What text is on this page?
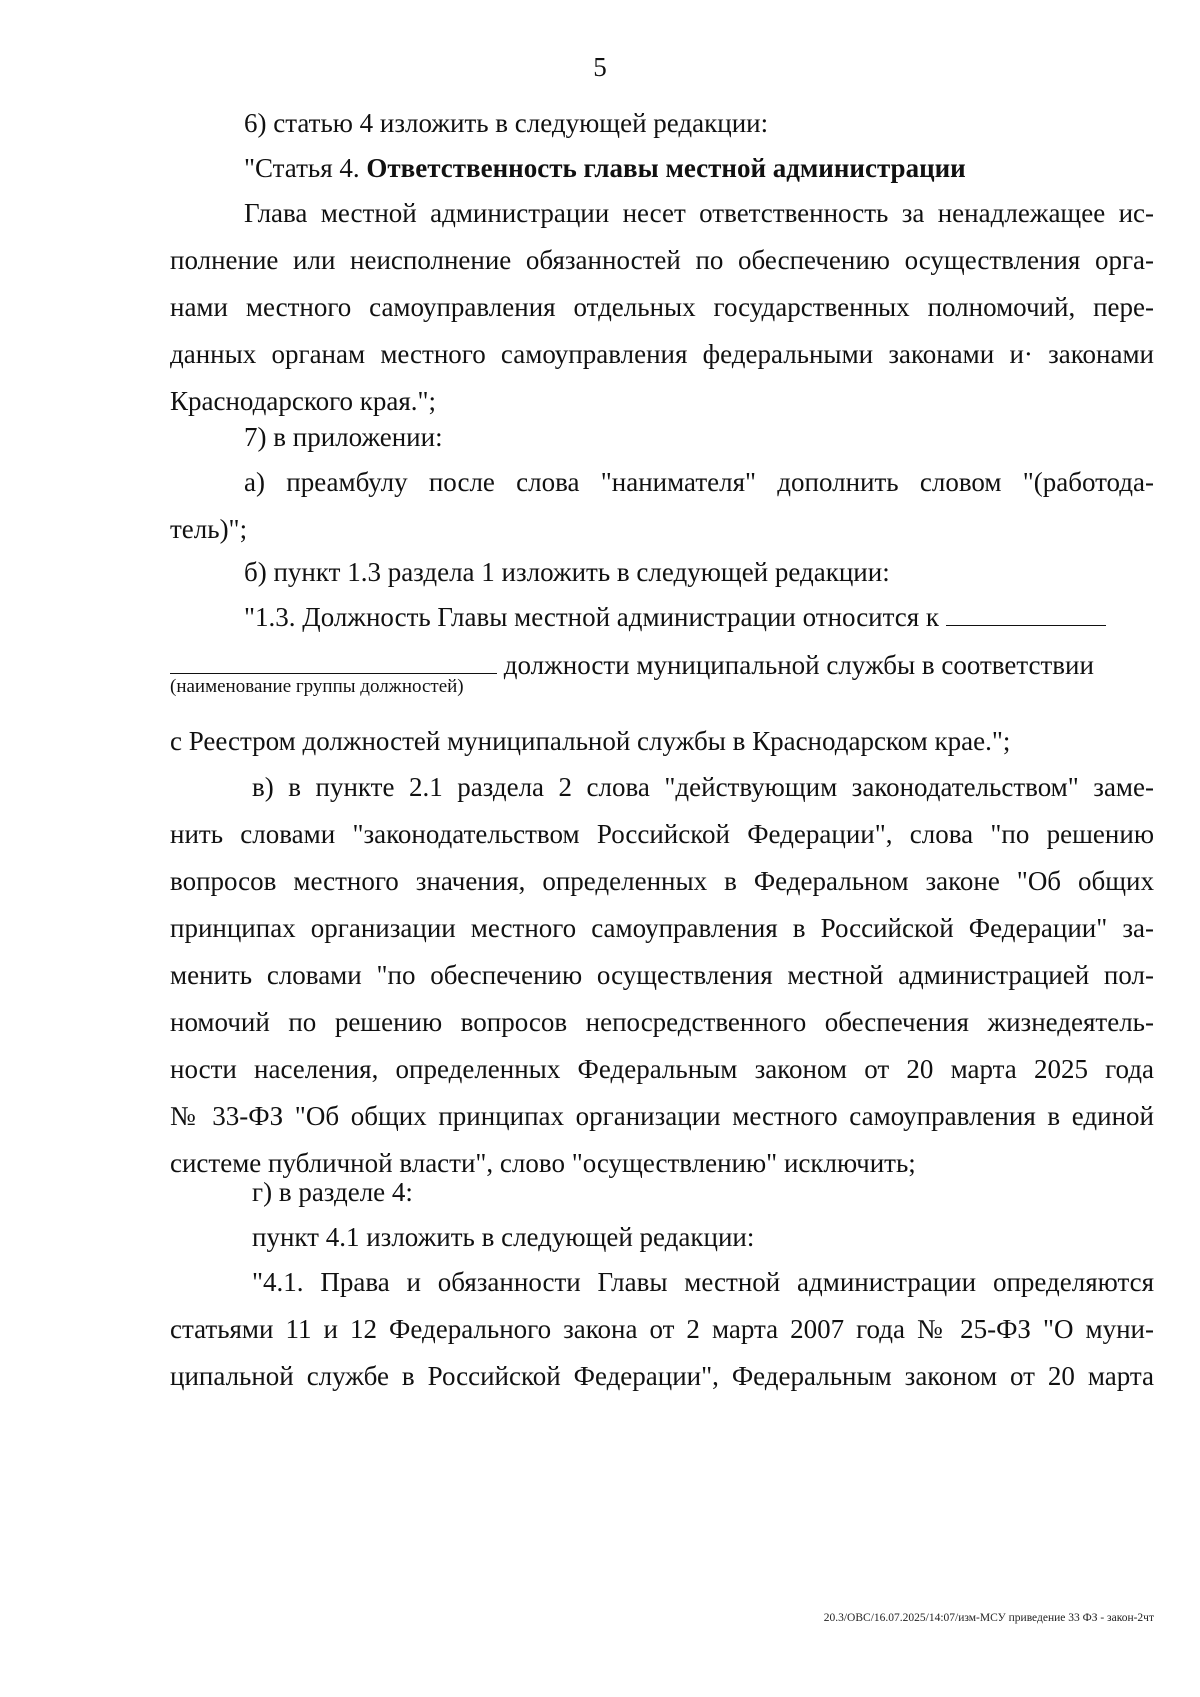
5
6) статью 4 изложить в следующей редакции:
"Статья 4. Ответственность главы местной администрации
Глава местной администрации несет ответственность за ненадлежащее ис-
полнение или неисполнение обязанностей по обеспечению осуществления орга-
нами местного самоуправления отдельных государственных полномочий, пере-
данных органам местного самоуправления федеральными законами и· законами
Краснодарского края.";
7) в приложении:
а) преамбулу после слова "нанимателя" дополнить словом "(работода-
тель)";
б) пункт 1.3 раздела 1 изложить в следующей редакции:
"1.3. Должность Главы местной администрации относится к
должности муниципальной службы в соответствии
(наименование группы должностей)
с Реестром должностей муниципальной службы в Краснодарском крае.";
в) в пункте 2.1 раздела 2 слова "действующим законодательством" заме-
нить словами "законодательством Российской Федерации", слова "по решению
вопросов местного значения, определенных в Федеральном законе "Об общих
принципах организации местного самоуправления в Российской Федерации" за-
менить словами "по обеспечению осуществления местной администрацией пол-
номочий по решению вопросов непосредственного обеспечения жизнедеятель-
ности населения, определенных Федеральным законом от 20 марта 2025 года
№ 33-ФЗ "Об общих принципах организации местного самоуправления в единой
системе публичной власти", слово "осуществлению" исключить;
г) в разделе 4:
пункт 4.1 изложить в следующей редакции:
"4.1. Права и обязанности Главы местной администрации определяются
статьями 11 и 12 Федерального закона от 2 марта 2007 года № 25-ФЗ "О муни-
ципальной службе в Российской Федерации", Федеральным законом от 20 марта
20.3/OBC/16.07.2025/14:07/изм-МСУ приведение 33 ФЗ - закон-2чт
